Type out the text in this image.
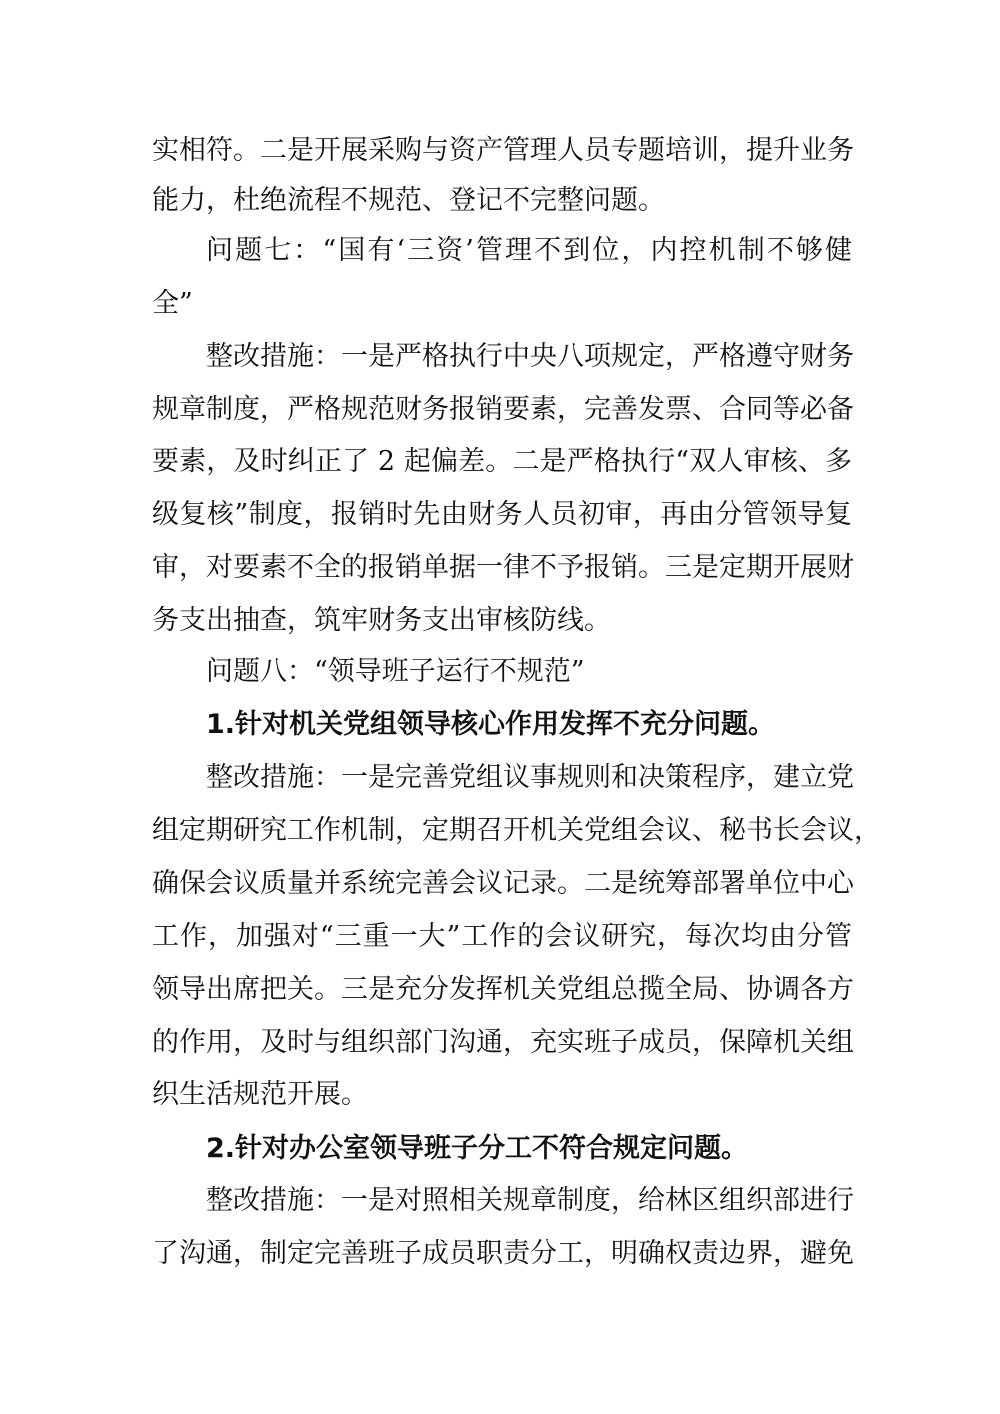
实相符。二是开展采购与资产管理人员专题培训，提升业务
能力，杜绝流程不规范、登记不完整问题。
问题七：“国有‘三资’管理不到位，内控机制不够健
全”
整改措施：一是严格执行中央八项规定，严格遵守财务
规章制度，严格规范财务报销要素，完善发票、合同等必备
要素，及时纠正了 2 起偏差。二是严格执行“双人审核、多
级复核”制度，报销时先由财务人员初审，再由分管领导复
审，对要素不全的报销单据一律不予报销。三是定期开展财
务支出抽查，筑牢财务支出审核防线。
问题八：“领导班子运行不规范”
1.针对机关党组领导核心作用发挥不充分问题。
整改措施：一是完善党组议事规则和决策程序，建立党
组定期研究工作机制，定期召开机关党组会议、秘书长会议，
确保会议质量并系统完善会议记录。二是统筹部署单位中心
工作，加强对“三重一大”工作的会议研究，每次均由分管
领导出席把关。三是充分发挥机关党组总揽全局、协调各方
的作用，及时与组织部门沟通，充实班子成员，保障机关组
织生活规范开展。
2.针对办公室领导班子分工不符合规定问题。
整改措施：一是对照相关规章制度，给林区组织部进行
了沟通，制定完善班子成员职责分工，明确权责边界，避免
